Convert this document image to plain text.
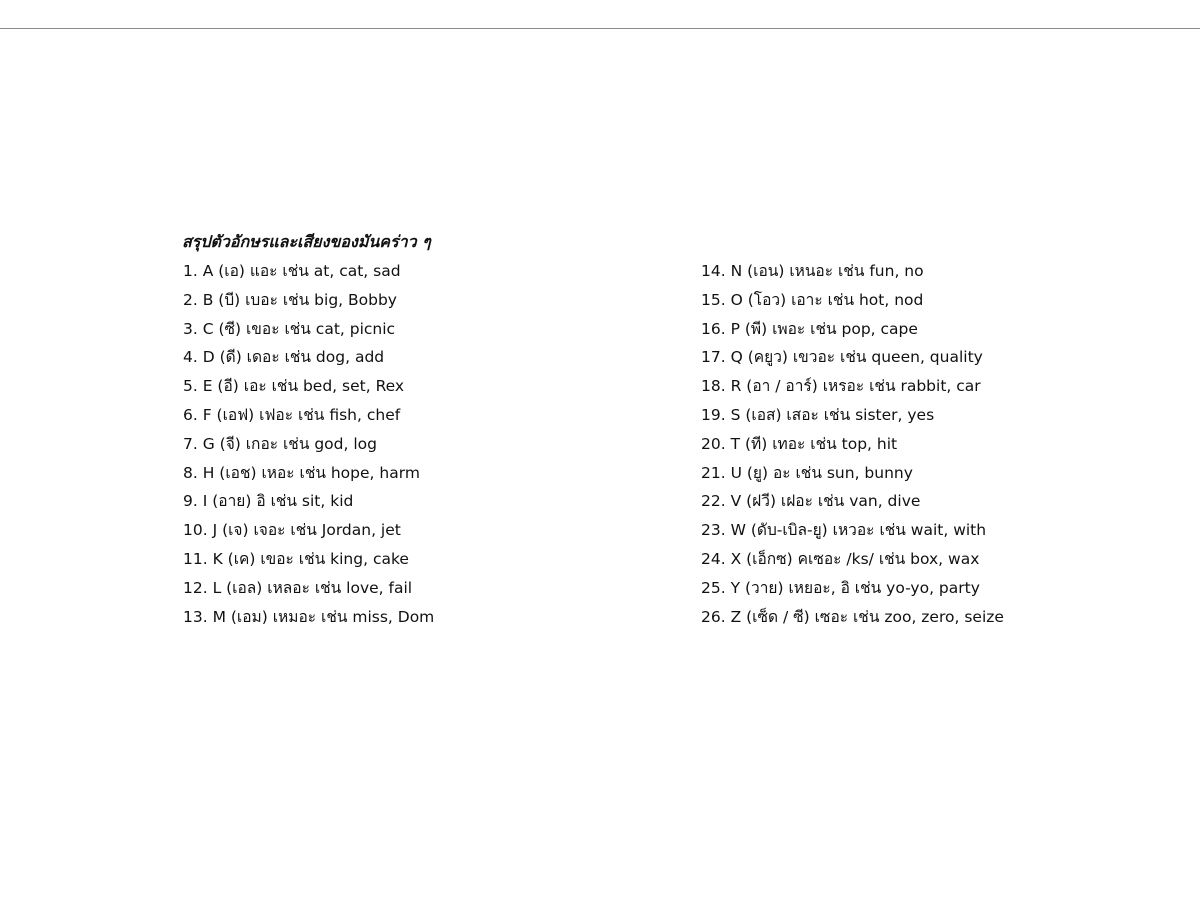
สรุปตัวอักษรและเสียงของมันคร่าว ๆ
1. A (เอ) แอะ เช่น at, cat, sad
2. B (บี) เบอะ เช่น big, Bobby
3. C (ซี) เขอะ เช่น cat, picnic
4. D (ดี) เดอะ เช่น dog, add
5. E (อี) เอะ เช่น bed, set, Rex
6. F (เอฟ) เฟอะ เช่น fish, chef
7. G (จี) เกอะ เช่น god, log
8. H (เอช) เหอะ เช่น hope, harm
9. I (อาย) อิ เช่น sit, kid
10. J (เจ) เจอะ เช่น Jordan, jet
11. K (เค) เขอะ เช่น king, cake
12. L (เอล) เหลอะ เช่น love, fail
13. M (เอม) เหมอะ เช่น miss, Dom
14. N (เอน) เหนอะ เช่น fun, no
15. O (โอว) เอาะ เช่น hot, nod
16. P (พี) เพอะ เช่น pop, cape
17. Q (คยูว) เขวอะ เช่น queen, quality
18. R (อา / อาร์) เหรอะ เช่น rabbit, car
19. S (เอส) เสอะ เช่น sister, yes
20. T (ที) เทอะ เช่น top, hit
21. U (ยู) อะ เช่น sun, bunny
22. V (ฝวี) เฝอะ เช่น van, dive
23. W (ดับ-เบิล-ยู) เหวอะ เช่น wait, with
24. X (เอ็กซ) คเซอะ /ks/ เช่น box, wax
25. Y (วาย) เหยอะ, อิ เช่น yo-yo, party
26. Z (เซ็ด / ซี) เซอะ เช่น zoo, zero, seize
